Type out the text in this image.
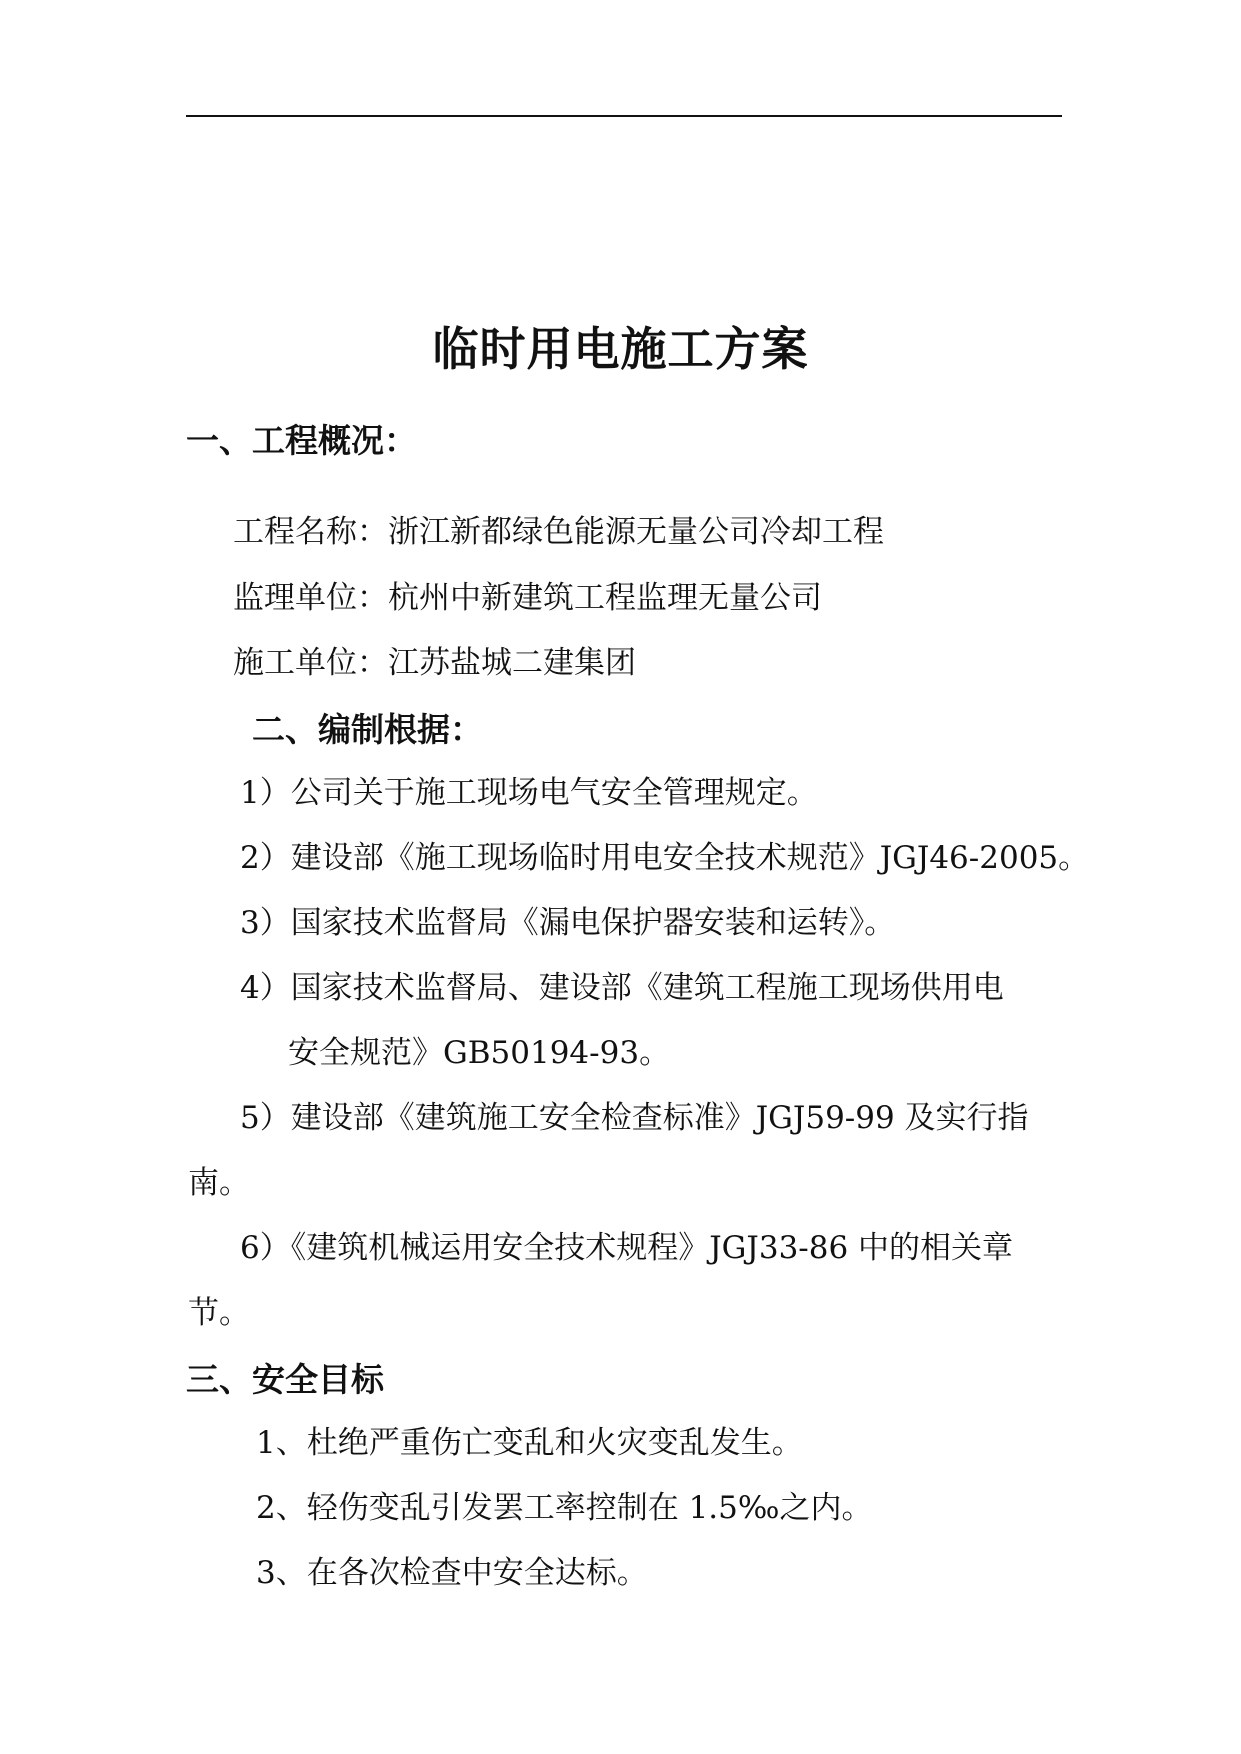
临时用电施工方案
一、工程概况：
工程名称：浙江新都绿色能源无量公司冷却工程
监理单位：杭州中新建筑工程监理无量公司
施工单位：江苏盐城二建集团
二、编制根据：
1）公司关于施工现场电气安全管理规定。
2）建设部《施工现场临时用电安全技术规范》JGJ46-2005。
3）国家技术监督局《漏电保护器安装和运转》。
4）国家技术监督局、建设部《建筑工程施工现场供用电
安全规范》GB50194-93。
5）建设部《建筑施工安全检查标准》JGJ59-99 及实行指
南。
6）《建筑机械运用安全技术规程》JGJ33-86 中的相关章
节。
三、安全目标
1、杜绝严重伤亡变乱和火灾变乱发生。
2、轻伤变乱引发罢工率控制在 1.5‰之内。
3、在各次检查中安全达标。
